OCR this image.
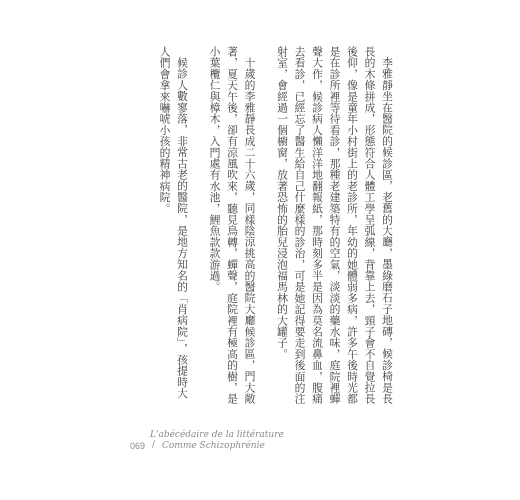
李雅靜坐在醫院的候診區，老舊的大廳，墨綠磨石子地磚，候診椅是長長的木條拼成，形態符合人體工學呈弧線，背靠上去，頸子會不自覺拉長後仰，像是童年小村街上的老診所，年幼的她體弱多病，許多午後時光都是在診所裡等待看診，那種老建築特有的空氣，淡淡的藥水味，庭院裡蟬聲大作，候診病人懶洋洋地翻報紙，那時刻多半是因為莫名流鼻血，腹痛去看診，已經忘了醫生給自己什麼樣的診治，可是她記得要走到後面的注射室，會經過一個櫥窗，放著恐怖的胎兒浸泡福馬林的大罐子。

十歲的李雅靜長成二十六歲，同樣陰涼挑高的醫院大廳候診區，門大敞著，夏天午後，卻有涼風吹來，聽見鳥轉，蟬聲，庭院裡有極高的樹，是小葉欖仁與樟木，入門處有水池，鯉魚款款游過。

候診人數寥落，非常古老的醫院，是地方知名的「肖病院」，孩提時大人們會拿來嚇唬小孩的精神病院。

L'abécédaire de la littérature
069 / Comme Schizophrénie
